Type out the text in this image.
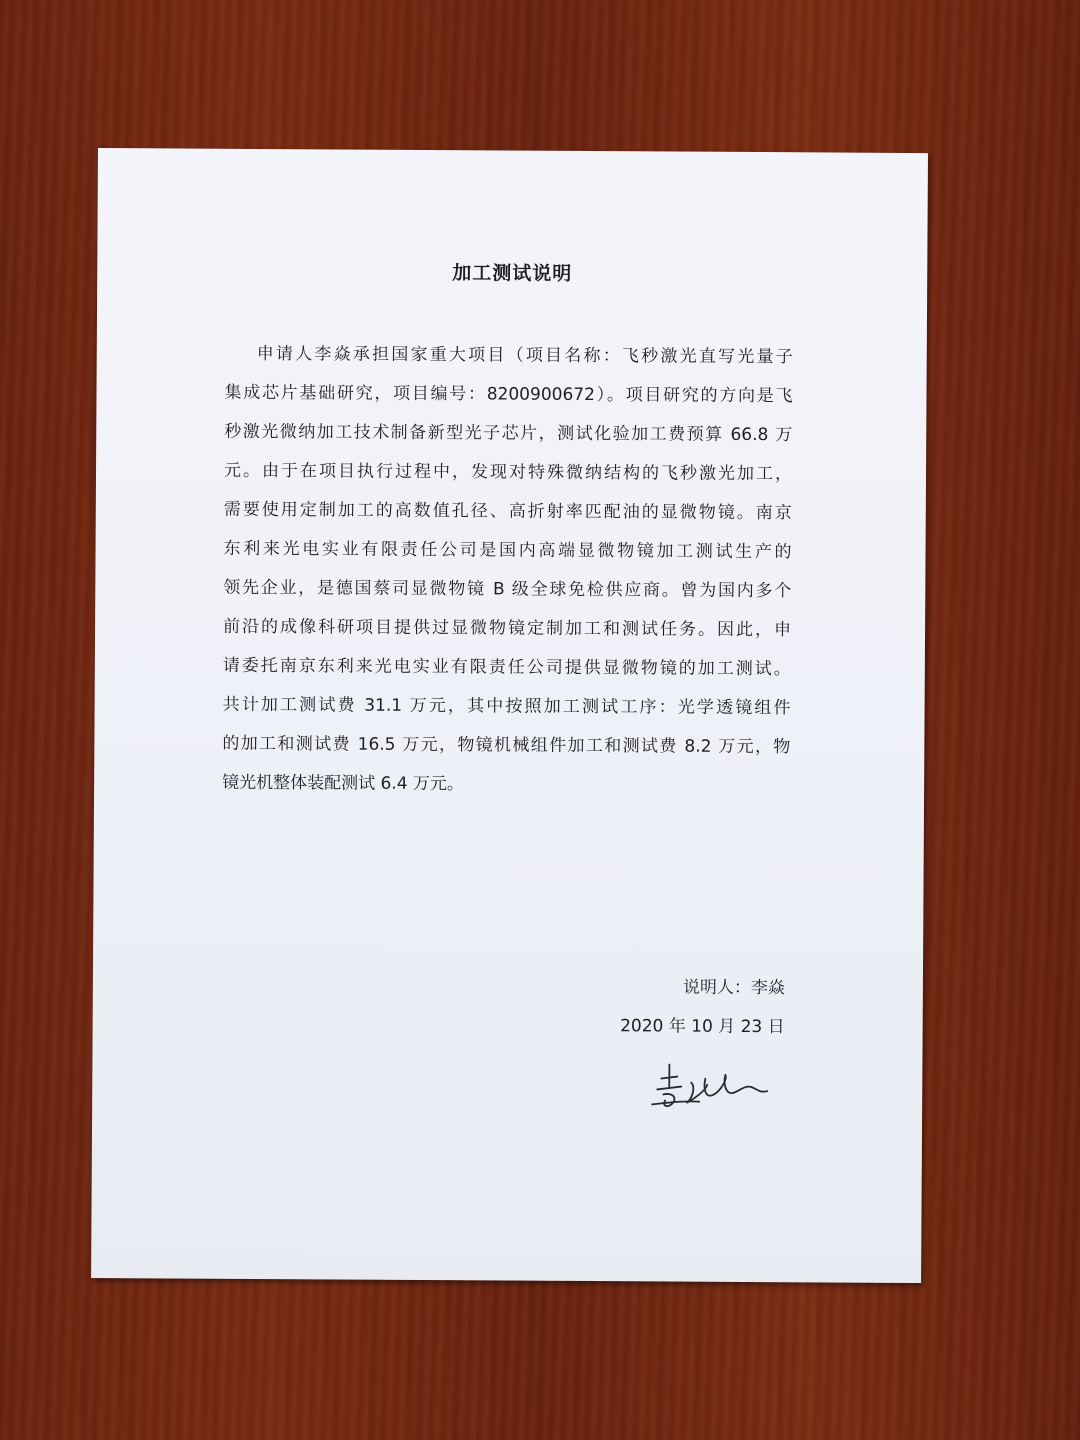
加工测试说明
申请人李焱承担国家重大项目（项目名称：飞秒激光直写光量子
集成芯片基础研究，项目编号：8200900672）。项目研究的方向是飞
秒激光微纳加工技术制备新型光子芯片，测试化验加工费预算 66.8 万
元。由于在项目执行过程中，发现对特殊微纳结构的飞秒激光加工，
需要使用定制加工的高数值孔径、高折射率匹配油的显微物镜。南京
东利来光电实业有限责任公司是国内高端显微物镜加工测试生产的
领先企业，是德国蔡司显微物镜 B 级全球免检供应商。曾为国内多个
前沿的成像科研项目提供过显微物镜定制加工和测试任务。因此，申
请委托南京东利来光电实业有限责任公司提供显微物镜的加工测试。
共计加工测试费 31.1 万元，其中按照加工测试工序：光学透镜组件
的加工和测试费 16.5 万元，物镜机械组件加工和测试费 8.2 万元，物
镜光机整体装配测试 6.4 万元。
说明人：李焱
2020 年 10 月 23 日
